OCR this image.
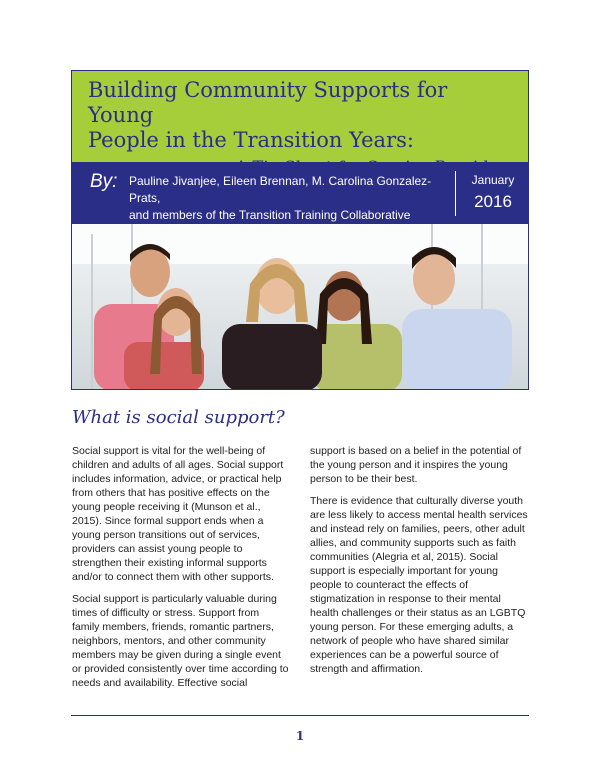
Building Community Supports for Young
People in the Transition Years:
By: Pauline Jivanjee, Eileen Brennan, M. Carolina Gonzalez-Prats,
and members of the Transition Training Collaborative
January
2016
What is social support?

Social support is vital for the well-being of children and adults of all ages. Social support includes information, advice, or practical help from others that has positive effects on the young people receiving it (Munson et al., 2015). Since formal support ends when a young person transitions out of services, providers can assist young people to strengthen their existing informal supports and/or to connect them with other supports.

Social support is particularly valuable during times of difficulty or stress. Support from family members, friends, romantic partners, neighbors, mentors, and other community members may be given during a single event or provided consistently over time according to needs and availability. Effective social

support is based on a belief in the potential of the young person and it inspires the young person to be their best.

There is evidence that culturally diverse youth are less likely to access mental health services and instead rely on families, peers, other adult allies, and community supports such as faith communities (Alegria et al, 2015). Social support is especially important for young people to counteract the effects of stigmatization in response to their mental health challenges or their status as an LGBTQ young person. For these emerging adults, a network of people who have shared similar experiences can be a powerful source of strength and affirmation.

1
